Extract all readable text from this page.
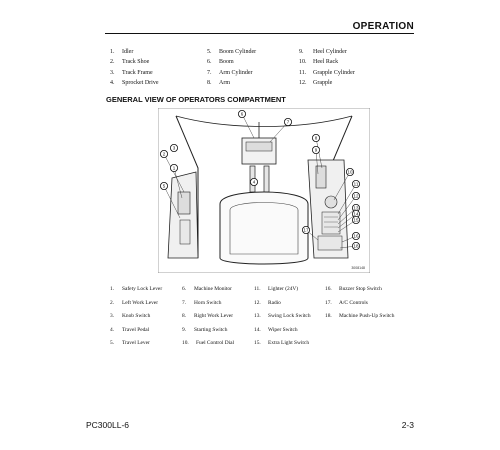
OPERATION
1. Idler
2. Track Shoe
3. Track Frame
4. Sprocket Drive
5. Boom Cylinder
6. Boom
7. Arm Cylinder
8. Arm
9. Heel Cylinder
10. Heel Rack
11. Grapple Cylinder
12. Grapple
GENERAL VIEW OF OPERATORS COMPARTMENT
1
2
3
4
5
6
7
8
9
10
11
12
13
14
15
16
17
18
3008148
1. Safety Lock Lever
2. Left Work Lever
3. Knob Switch
4. Travel Pedal
5. Travel Lever
6. Machine Monitor
7. Horn Switch
8. Right Work Lever
9. Starting Switch
10. Fuel Control Dial
11. Lighter (24V)
12. Radio
13. Swing Lock Switch
14. Wiper Switch
15. Extra Light Switch
16. Buzzer Stop Switch
17. A/C Controls
18. Machine Push-Up Switch
PC300LL-6	2-3
